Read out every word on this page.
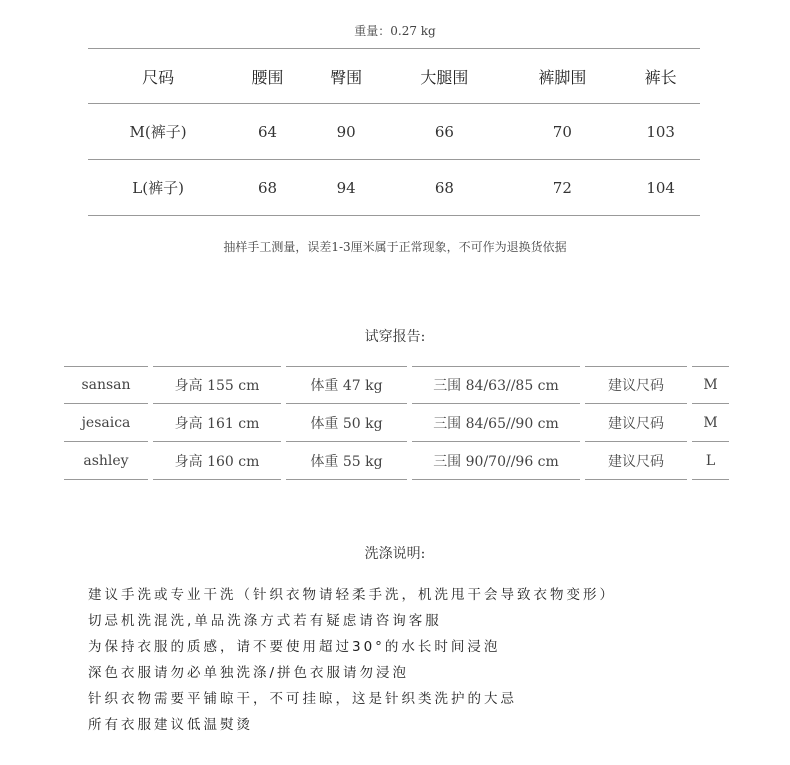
重量：0.27 kg
尺码	腰围	臀围	大腿围	裤脚围	裤长
M(裤子)	64	90	66	70	103
L(裤子)	68	94	68	72	104
抽样手工测量，误差1-3厘米属于正常现象，不可作为退换货依据
试穿报告:
sansan	身高 155 cm	体重 47 kg	三围 84/63//85 cm	建议尺码	M
jesaica	身高 161 cm	体重 50 kg	三围 84/65//90 cm	建议尺码	M
ashley	身高 160 cm	体重 55 kg	三围 90/70//96 cm	建议尺码	L
洗涤说明:
建议手洗或专业干洗（针织衣物请轻柔手洗，机洗甩干会导致衣物变形）
切忌机洗混洗,单品洗涤方式若有疑虑请咨询客服
为保持衣服的质感，请不要使用超过30°的水长时间浸泡
深色衣服请勿必单独洗涤/拼色衣服请勿浸泡
针织衣物需要平铺晾干，不可挂晾，这是针织类洗护的大忌
所有衣服建议低温熨烫
